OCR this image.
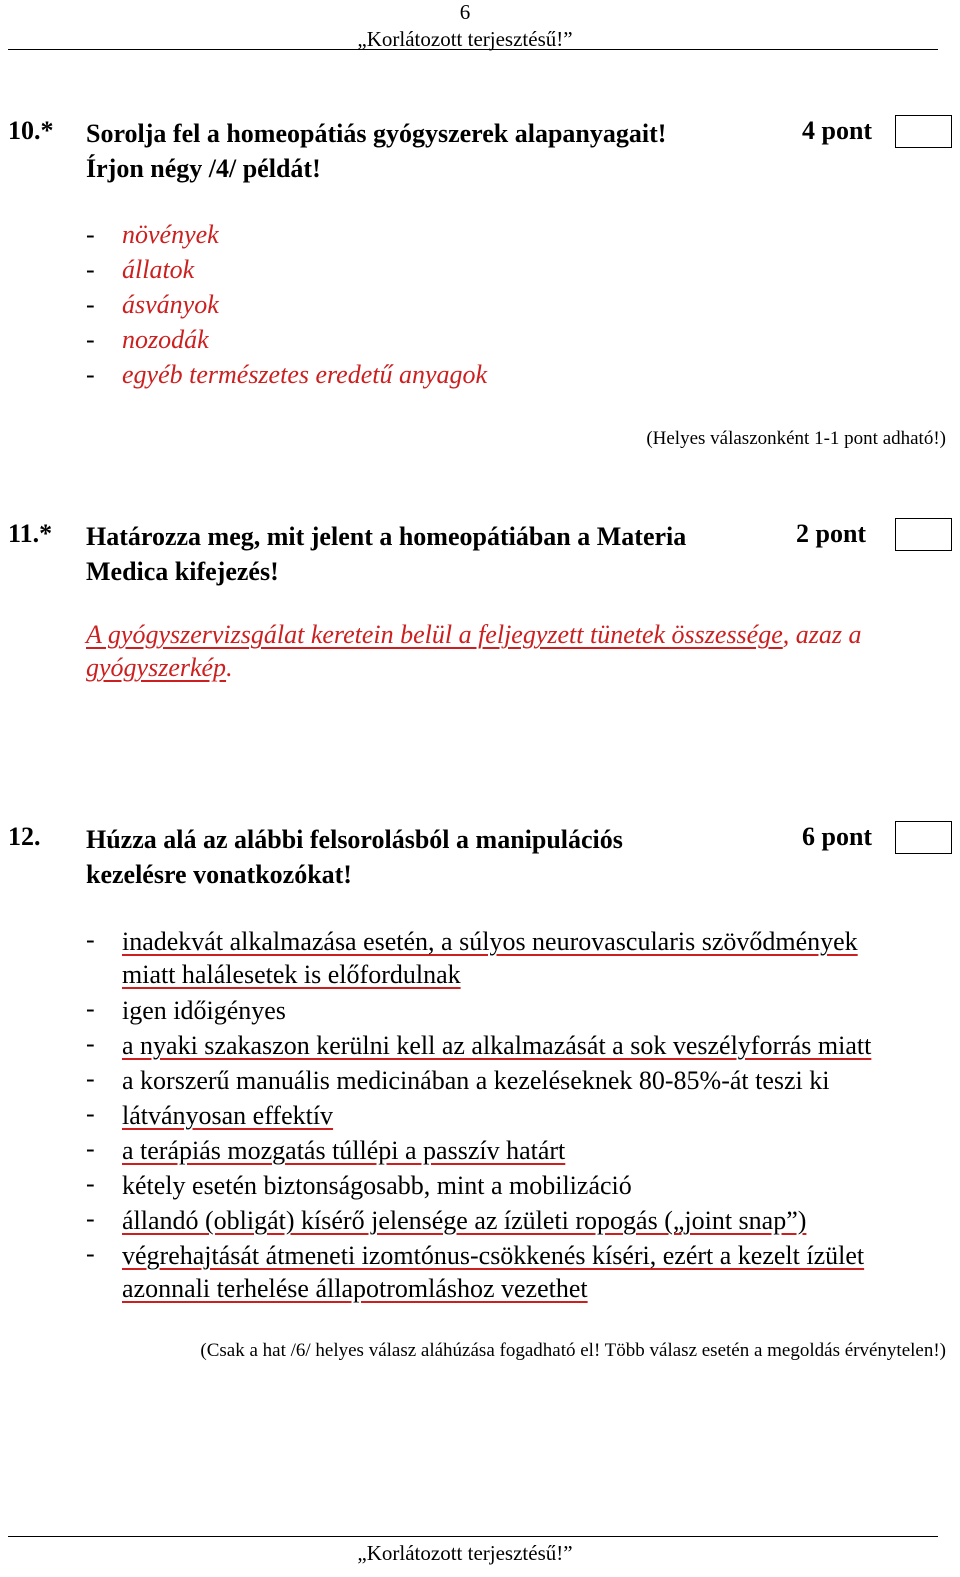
6
„Korlátozott terjesztésű!”
10.* Sorolja fel a homeopátiás gyógyszerek alapanyagait!
Írjon négy /4/ példát!
4 pont
- növények
- állatok
- ásványok
- nozodák
- egyéb természetes eredetű anyagok
(Helyes válaszonként 1-1 pont adható!)
11.* Határozza meg, mit jelent a homeopátiában a Materia
Medica kifejezés!
2 pont
A gyógyszervizsgálat keretein belül a feljegyzett tünetek összessége, azaz a
gyógyszerkép.
12. Húzza alá az alábbi felsorolásból a manipulációs
kezelésre vonatkozókat!
6 pont
- inadekvát alkalmazása esetén, a súlyos neurovascularis szövődmények
miatt halálesetek is előfordulnak
- igen időigényes
- a nyaki szakaszon kerülni kell az alkalmazását a sok veszélyforrás miatt
- a korszerű manuális medicinában a kezeléseknek 80-85%-át teszi ki
- látványosan effektív
- a terápiás mozgatás túllépi a passzív határt
- kétely esetén biztonságosabb, mint a mobilizáció
- állandó (obligát) kísérő jelensége az ízületi ropogás („joint snap”)
- végrehajtását átmeneti izomtónus-csökkenés kíséri, ezért a kezelt ízület
azonnali terhelése állapotromláshoz vezethet
(Csak a hat /6/ helyes válasz aláhúzása fogadható el! Több válasz esetén a megoldás érvénytelen!)
„Korlátozott terjesztésű!”
